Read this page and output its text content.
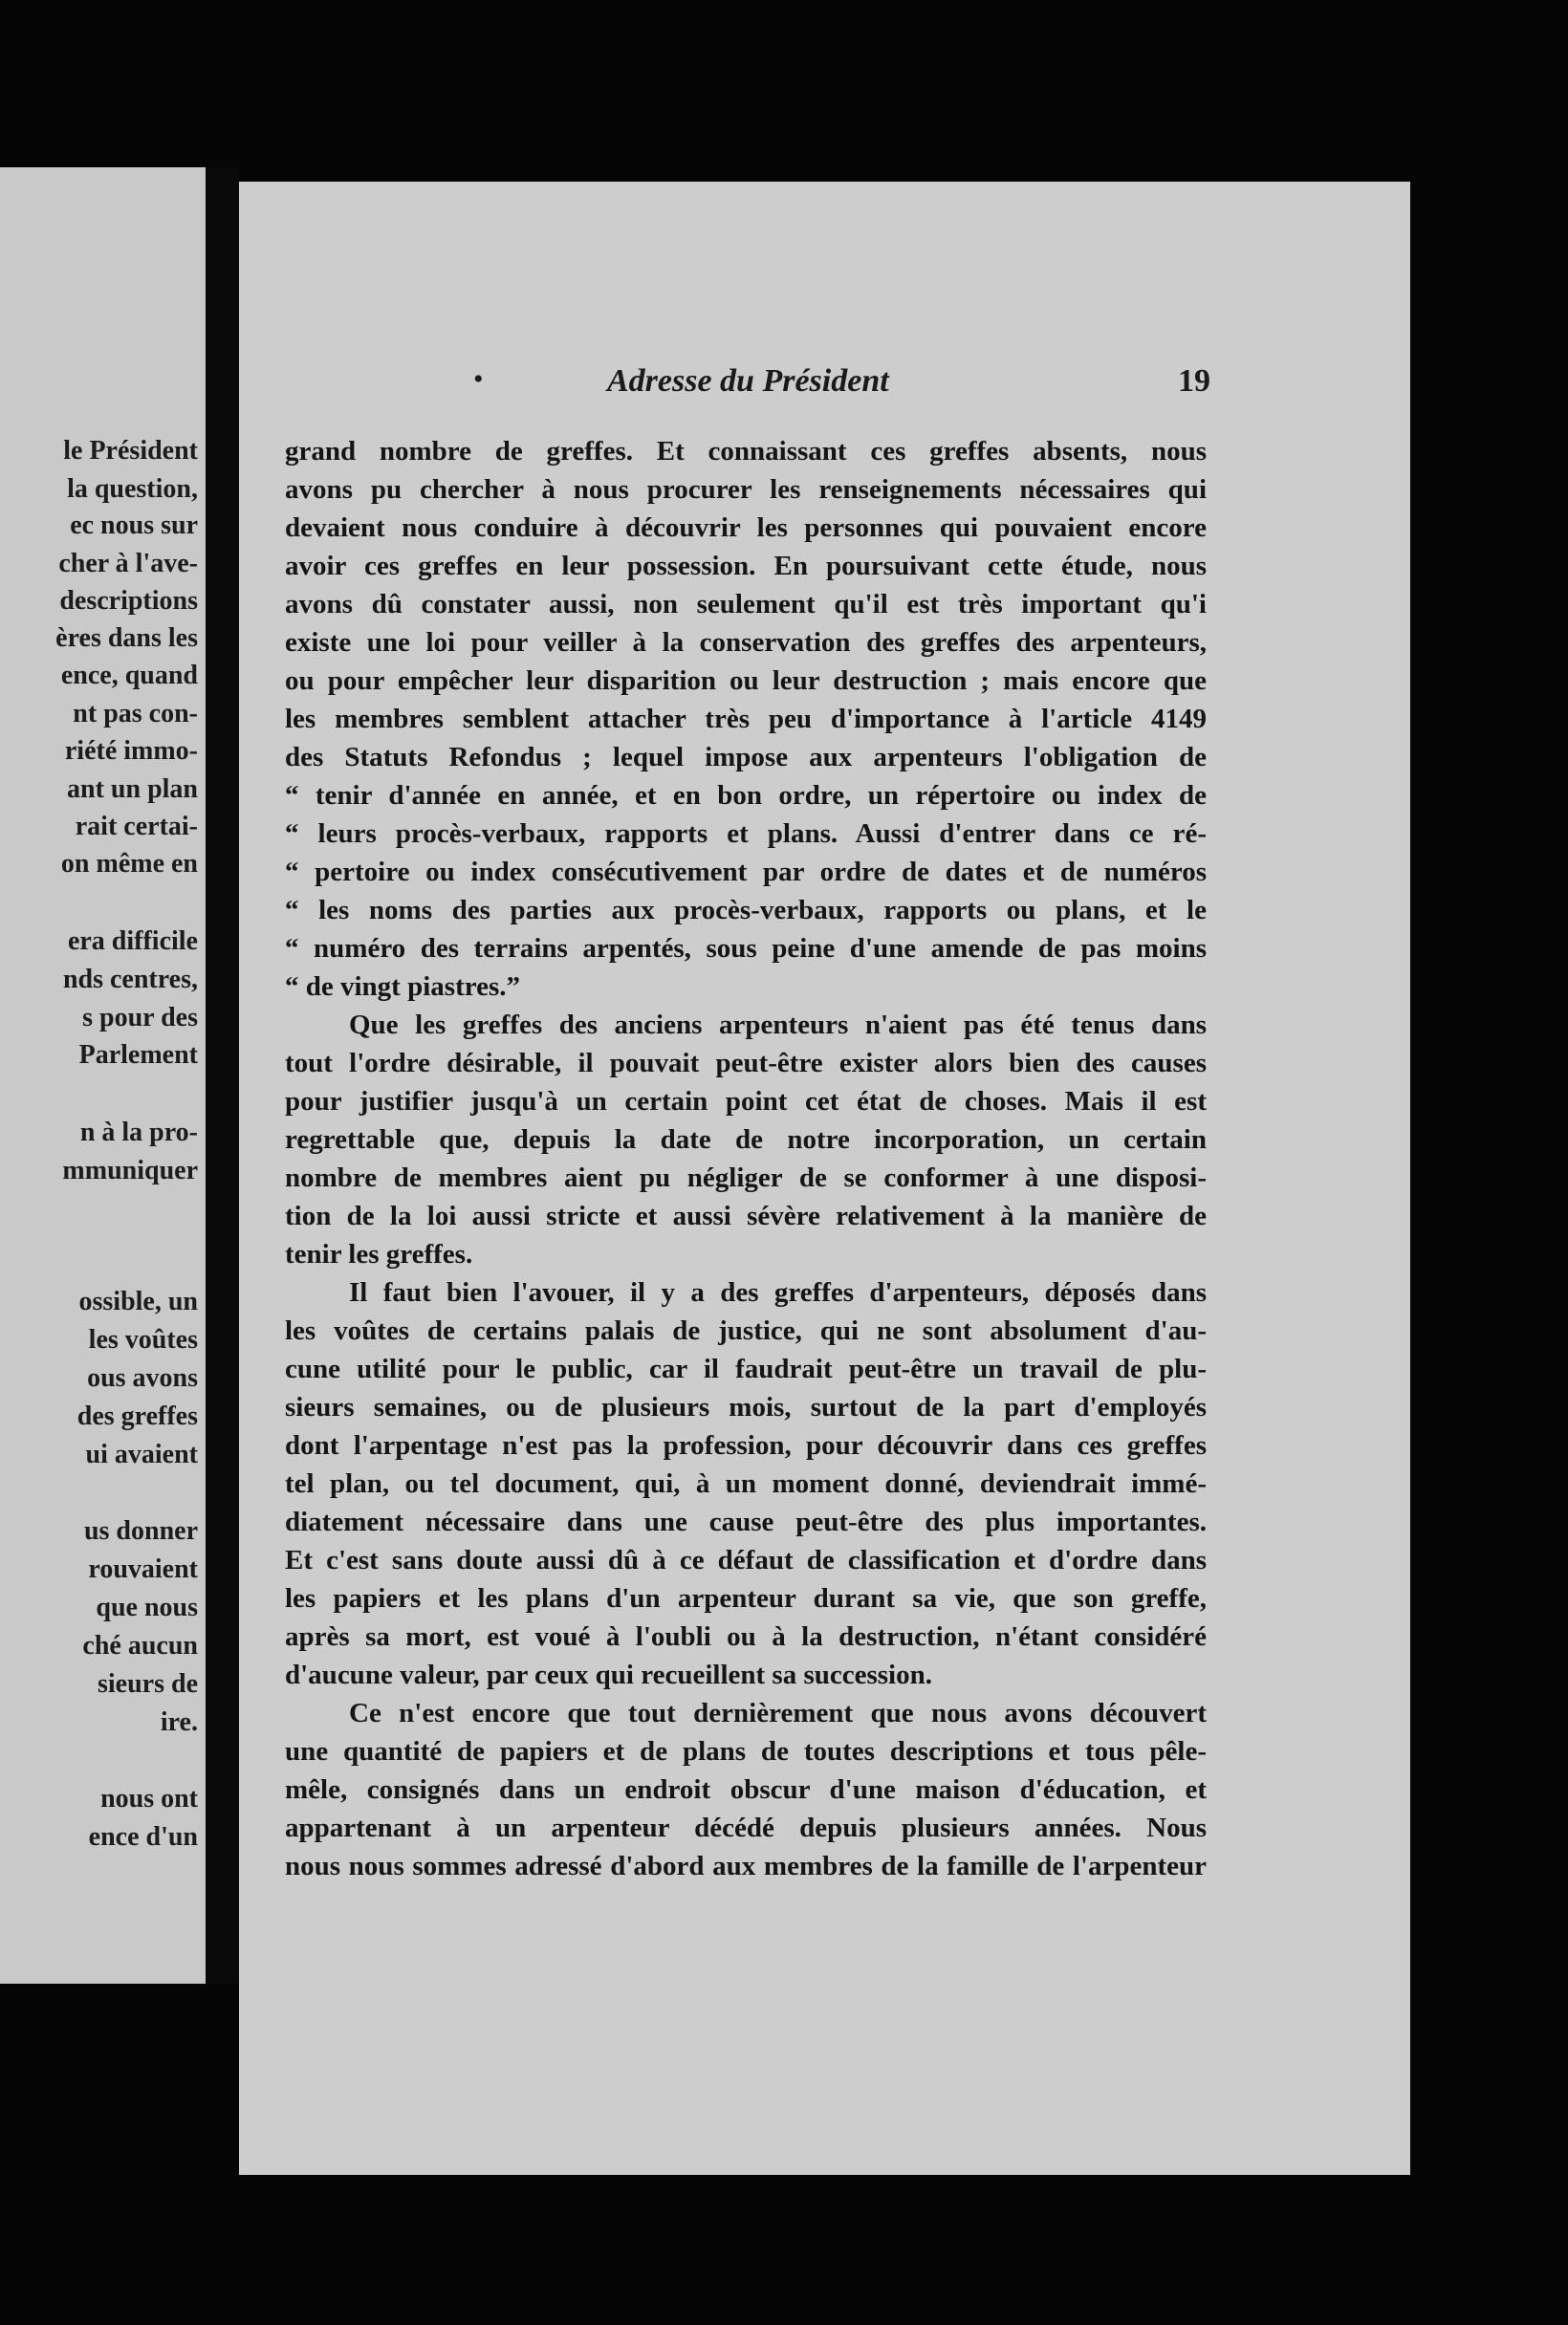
le Président
la question,
ec nous sur
cher à l'ave-
descriptions
ères dans les
ence, quand
nt pas con-
riété immo-
ant un plan
rait certai-
on même en
era difficile
nds centres,
s pour des
Parlement
n à la pro-
mmuniquer
ossible, un
les voûtes
ous avons
des greffes
ui avaient
us donner
rouvaient
que nous
ché aucun
sieurs de
ire.
nous ont
ence d'un
•	Adresse du Président	19
grand nombre de greffes. Et connaissant ces greffes absents, nous
avons pu chercher à nous procurer les renseignements nécessaires qui
devaient nous conduire à découvrir les personnes qui pouvaient encore
avoir ces greffes en leur possession. En poursuivant cette étude, nous
avons dû constater aussi, non seulement qu'il est très important qu'i
existe une loi pour veiller à la conservation des greffes des arpenteurs,
ou pour empêcher leur disparition ou leur destruction ; mais encore que
les membres semblent attacher très peu d'importance à l'article 4149
des Statuts Refondus ; lequel impose aux arpenteurs l'obligation de
“ tenir d'année en année, et en bon ordre, un répertoire ou index de
“ leurs procès-verbaux, rapports et plans. Aussi d'entrer dans ce ré-
“ pertoire ou index consécutivement par ordre de dates et de numéros
“ les noms des parties aux procès-verbaux, rapports ou plans, et le
“ numéro des terrains arpentés, sous peine d'une amende de pas moins
“ de vingt piastres.”
Que les greffes des anciens arpenteurs n'aient pas été tenus dans
tout l'ordre désirable, il pouvait peut-être exister alors bien des causes
pour justifier jusqu'à un certain point cet état de choses. Mais il est
regrettable que, depuis la date de notre incorporation, un certain
nombre de membres aient pu négliger de se conformer à une disposi-
tion de la loi aussi stricte et aussi sévère relativement à la manière de
tenir les greffes.
Il faut bien l'avouer, il y a des greffes d'arpenteurs, déposés dans
les voûtes de certains palais de justice, qui ne sont absolument d'au-
cune utilité pour le public, car il faudrait peut-être un travail de plu-
sieurs semaines, ou de plusieurs mois, surtout de la part d'employés
dont l'arpentage n'est pas la profession, pour découvrir dans ces greffes
tel plan, ou tel document, qui, à un moment donné, deviendrait immé-
diatement nécessaire dans une cause peut-être des plus importantes.
Et c'est sans doute aussi dû à ce défaut de classification et d'ordre dans
les papiers et les plans d'un arpenteur durant sa vie, que son greffe,
après sa mort, est voué à l'oubli ou à la destruction, n'étant considéré
d'aucune valeur, par ceux qui recueillent sa succession.
Ce n'est encore que tout dernièrement que nous avons découvert
une quantité de papiers et de plans de toutes descriptions et tous pêle-
mêle, consignés dans un endroit obscur d'une maison d'éducation, et
appartenant à un arpenteur décédé depuis plusieurs années. Nous
nous nous sommes adressé d'abord aux membres de la famille de l'arpenteur
